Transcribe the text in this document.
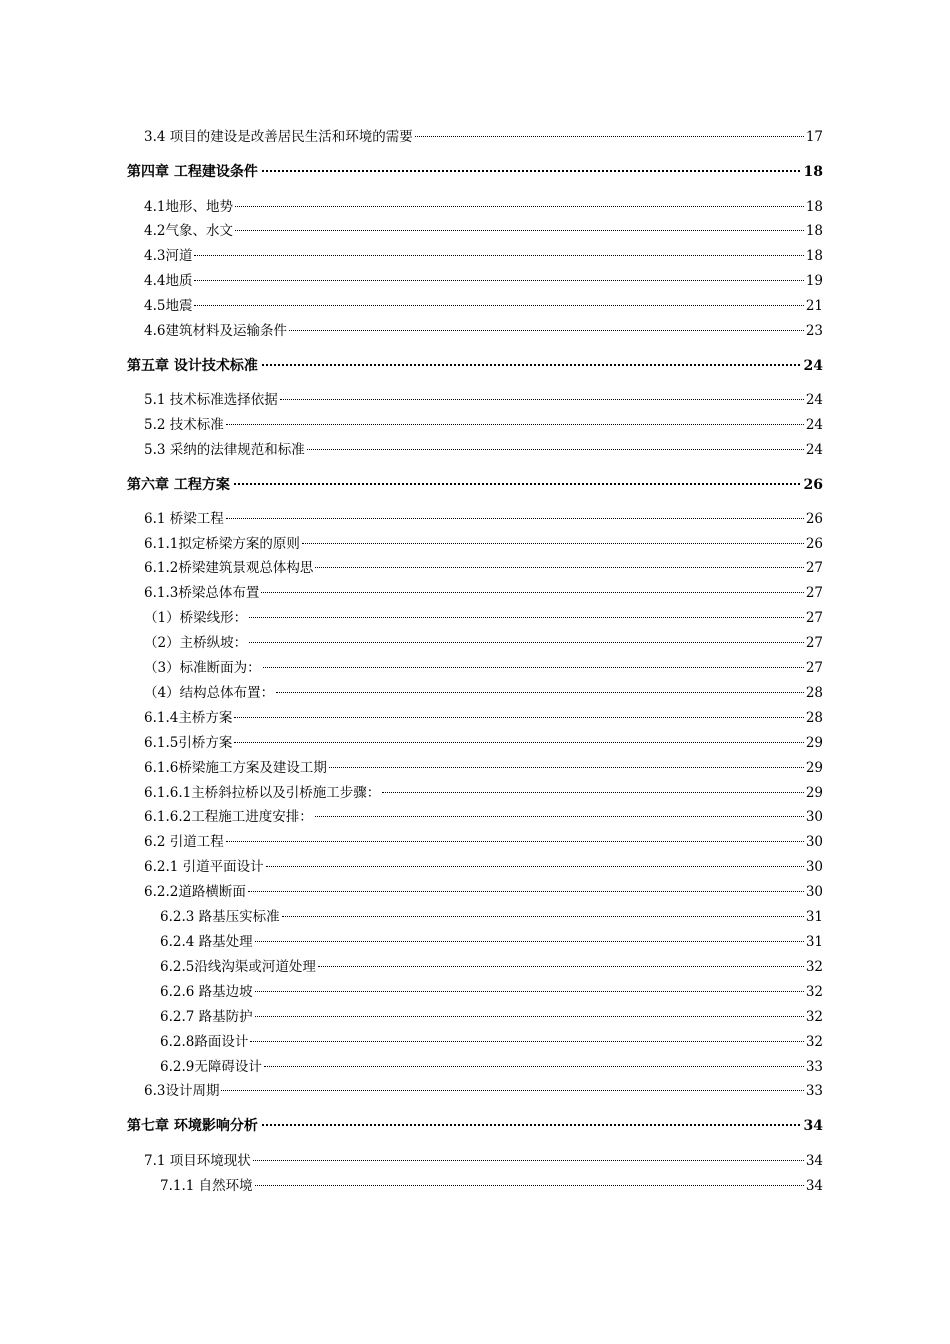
3.4 项目的建设是改善居民生活和环境的需要	17
第四章 工程建设条件	18
4.1地形、地势	18
4.2气象、水文	18
4.3河道	18
4.4地质	19
4.5地震	21
4.6建筑材料及运输条件	23
第五章 设计技术标准	24
5.1 技术标准选择依据	24
5.2 技术标准	24
5.3 采纳的法律规范和标准	24
第六章 工程方案	26
6.1 桥梁工程	26
6.1.1拟定桥梁方案的原则	26
6.1.2桥梁建筑景观总体构思	27
6.1.3桥梁总体布置	27
（1）桥梁线形：	27
（2）主桥纵坡：	27
（3）标准断面为：	27
（4）结构总体布置：	28
6.1.4主桥方案	28
6.1.5引桥方案	29
6.1.6桥梁施工方案及建设工期	29
6.1.6.1主桥斜拉桥以及引桥施工步骤：	29
6.1.6.2工程施工进度安排：	30
6.2 引道工程	30
6.2.1 引道平面设计	30
6.2.2道路横断面	30
6.2.3 路基压实标准	31
6.2.4 路基处理	31
6.2.5沿线沟渠或河道处理	32
6.2.6 路基边坡	32
6.2.7 路基防护	32
6.2.8路面设计	32
6.2.9无障碍设计	33
6.3设计周期	33
第七章 环境影响分析	34
7.1 项目环境现状	34
7.1.1 自然环境	34
